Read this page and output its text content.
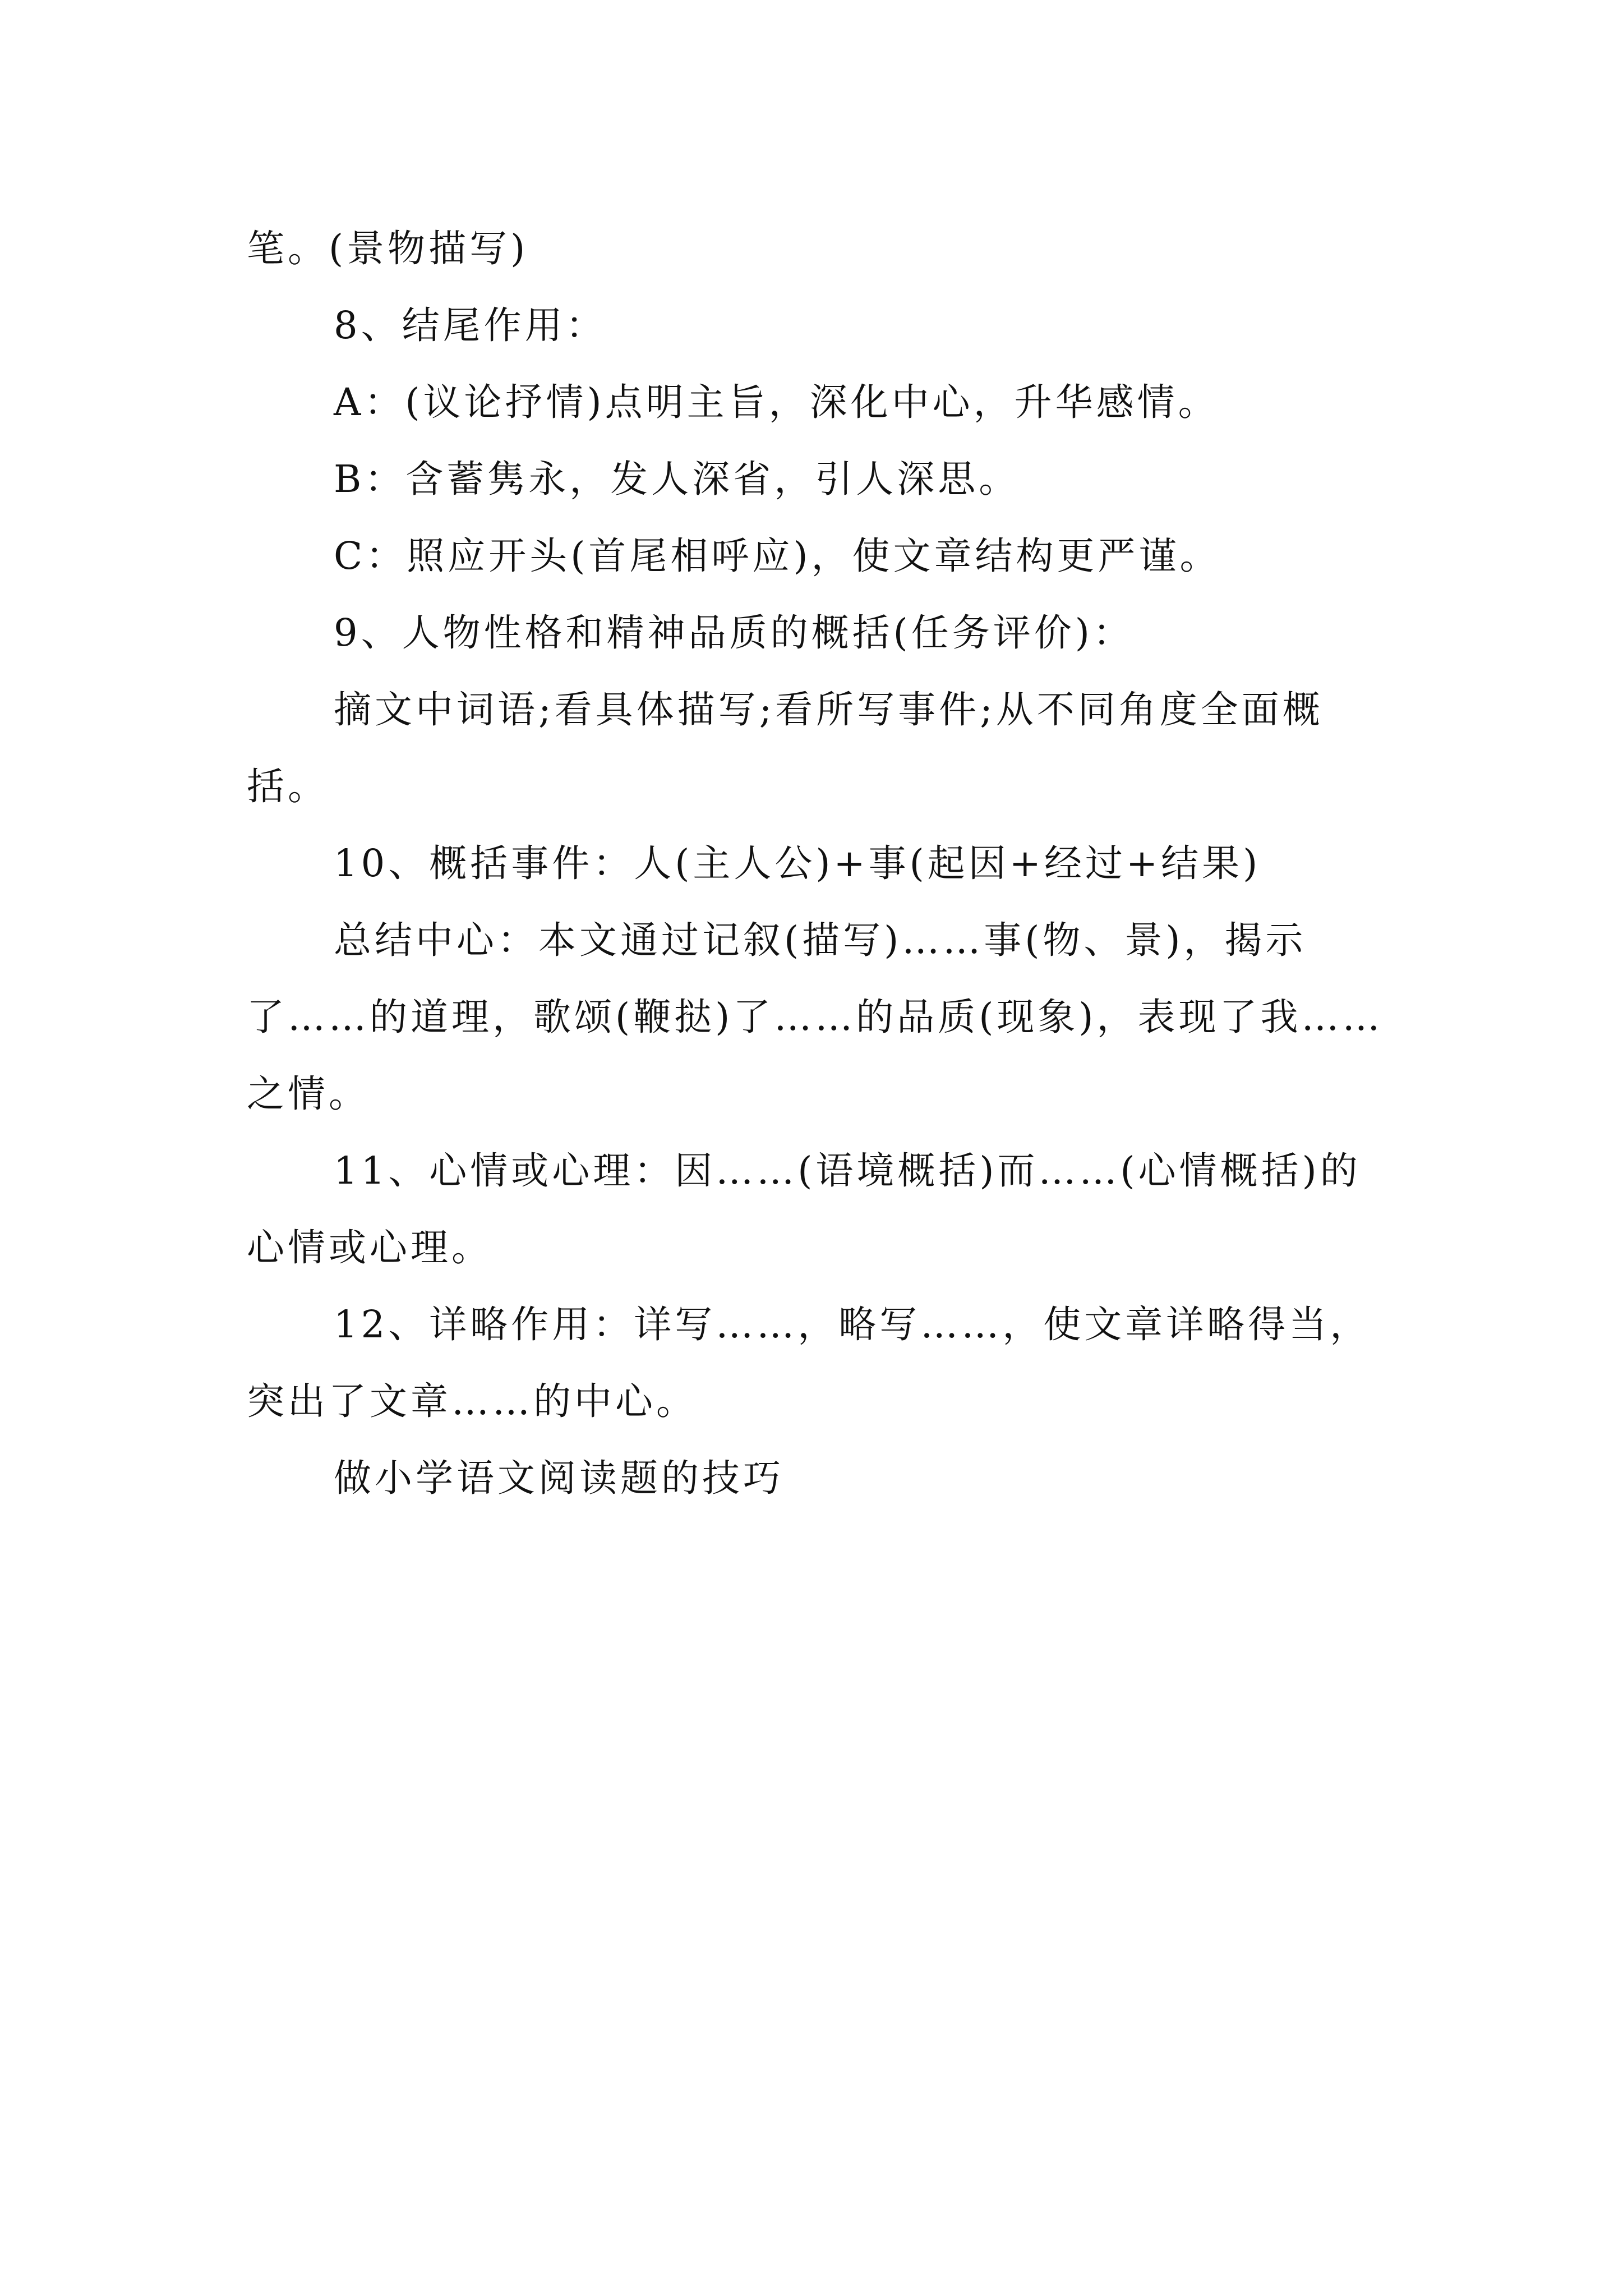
笔。(景物描写)

8、结尾作用：

A：(议论抒情)点明主旨，深化中心，升华感情。

B：含蓄隽永，发人深省，引人深思。

C：照应开头(首尾相呼应)，使文章结构更严谨。

9、人物性格和精神品质的概括(任务评价)：

摘文中词语;看具体描写;看所写事件;从不同角度全面概括。

10、概括事件：人(主人公)+事(起因+经过+结果)

总结中心：本文通过记叙(描写)……事(物、景)，揭示了……的道理，歌颂(鞭挞)了……的品质(现象)，表现了我……之情。

11、心情或心理：因……(语境概括)而……(心情概括)的心情或心理。

12、详略作用：详写……，略写……，使文章详略得当，突出了文章……的中心。

做小学语文阅读题的技巧
